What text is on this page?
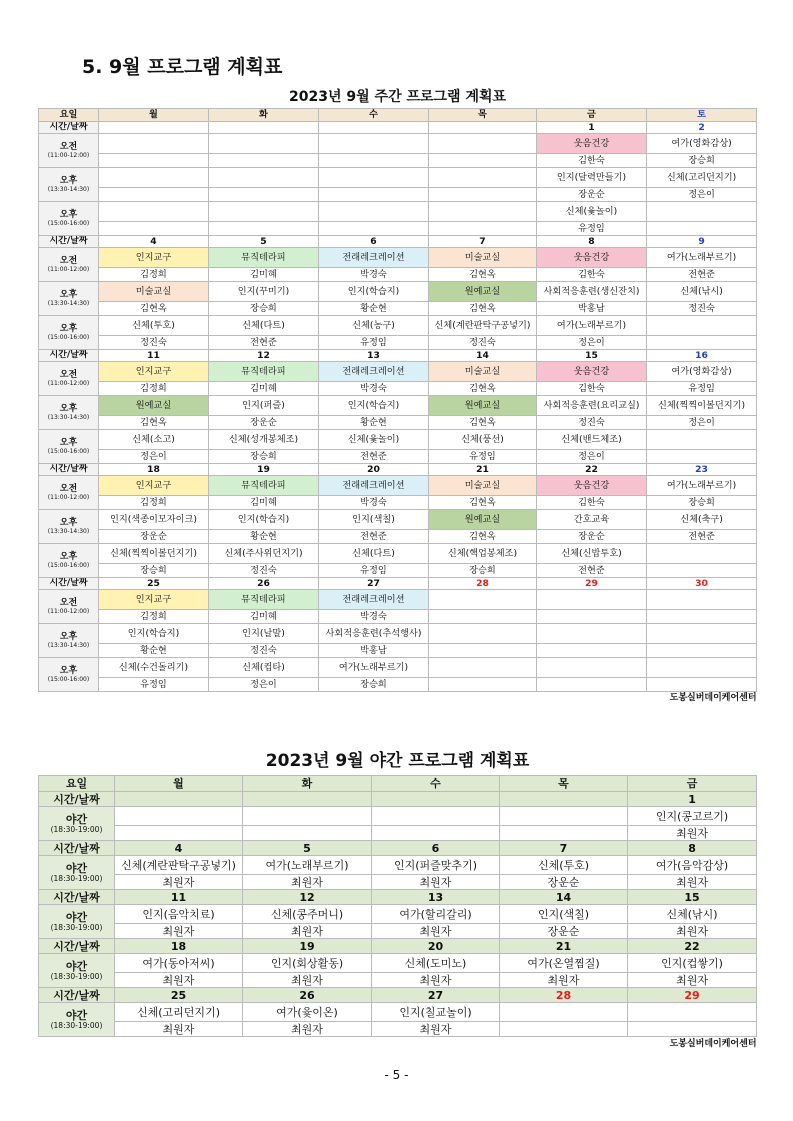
5. 9월 프로그램 계획표
2023년 9월 주간 프로그램 계획표						
요일	월	화	수	목	금	토
시간/날짜					1	2
오전
(11:00-12:00)					웃음건강	여가(영화감상)
					김한숙	장승희
오후
(13:30-14:30)					인지(달력만들기)	신체(고리던지기)
					장운순	정은이
오후
(15:00-16:00)					신체(윷놀이)	
					유정임	
시간/날짜	4	5	6	7	8	9
오전
(11:00-12:00)	인지교구	뮤직테라피	전래레크레이션	미술교실	웃음건강	여가(노래부르기)
	김정희	김미혜	박경숙	김현옥	김한숙	전현준
오후
(13:30-14:30)	미술교실	인지(꾸미기)	인지(학습지)	원예교실	사회적응훈련(생신잔치)	신체(낚시)
	김현옥	장승희	황순현	김현옥	박홍남	정진숙
오후
(15:00-16:00)	신체(투호)	신체(다트)	신체(농구)	신체(계란판탁구공넣기)	여가(노래부르기)	
	정진숙	전현준	유정임	정진숙	정은이	
시간/날짜	11	12	13	14	15	16
오전
(11:00-12:00)	인지교구	뮤직테라피	전래레크레이션	미술교실	웃음건강	여가(영화감상)
	김정희	김미혜	박경숙	김현옥	김한숙	유정임
오후
(13:30-14:30)	원예교실	인지(퍼즐)	인지(학습지)	원예교실	사회적응훈련(요리교실)	신체(찍찍이볼던지기)
	김현옥	장운순	황순현	김현옥	정진숙	정은이
오후
(15:00-16:00)	신체(소고)	신체(성개봉체조)	신체(윷놀이)	신체(풍선)	신체(밴드체조)	
	정은이	장승희	전현준	유정임	정은이	
시간/날짜	18	19	20	21	22	23
오전
(11:00-12:00)	인지교구	뮤직테라피	전래레크레이션	미술교실	웃음건강	여가(노래부르기)
	김정희	김미혜	박경숙	김현옥	김한숙	장승희
오후
(13:30-14:30)	인지(색종이모자이크)	인지(학습지)	인지(색칠)	원예교실	간호교육	신체(축구)
	장운순	황순현	전현준	김현옥	장운순	전현준
오후
(15:00-16:00)	신체(찍찍이볼던지기)	신체(주사위던지기)	신체(다트)	신체(핵업봉체조)	신체(신밥투호)	
	장승희	정진숙	유정임	장승희	전현준	
시간/날짜	25	26	27	28	29	30
오전
(11:00-12:00)	인지교구	뮤직테라피	전래레크레이션			
	김정희	김미혜	박경숙			
오후
(13:30-14:30)	인지(학습지)	인지(날말)	사회적응훈련(추석행사)			
	황순현	정진숙	박홍남			
오후
(15:00-16:00)	신체(수건돌리기)	신체(컵타)	여가(노래부르기)			
	유정임	정은이	장승희			
도봉실버데이케어센터						
2023년 9월 야간 프로그램 계획표					
요일	월	화	수	목	금
시간/날짜					1
야간
(18:30-19:00)					인지(콩고르기)
					최원자
시간/날짜	4	5	6	7	8
야간
(18:30-19:00)	신체(계란판탁구공넣기)	여가(노래부르기)	인지(퍼즐맞추기)	신체(투호)	여가(음악감상)
	최원자	최원자	최원자	장운순	최원자
시간/날짜	11	12	13	14	15
야간
(18:30-19:00)	인지(음악치료)	신체(콩주머니)	여가(할리갈리)	인지(색칠)	신체(낚시)
	최원자	최원자	최원자	장운순	최원자
시간/날짜	18	19	20	21	22
야간
(18:30-19:00)	여가(동아저씨)	인지(회상활동)	신체(도미노)	여가(온열찜질)	인지(컵쌓기)
	최원자	최원자	최원자	최원자	최원자
시간/날짜	25	26	27	28	29
야간
(18:30-19:00)	신체(고리던지기)	여가(윷이온)	인지(칠교놀이)		
	최원자	최원자	최원자		
도봉실버데이케어센터					
- 5 -
